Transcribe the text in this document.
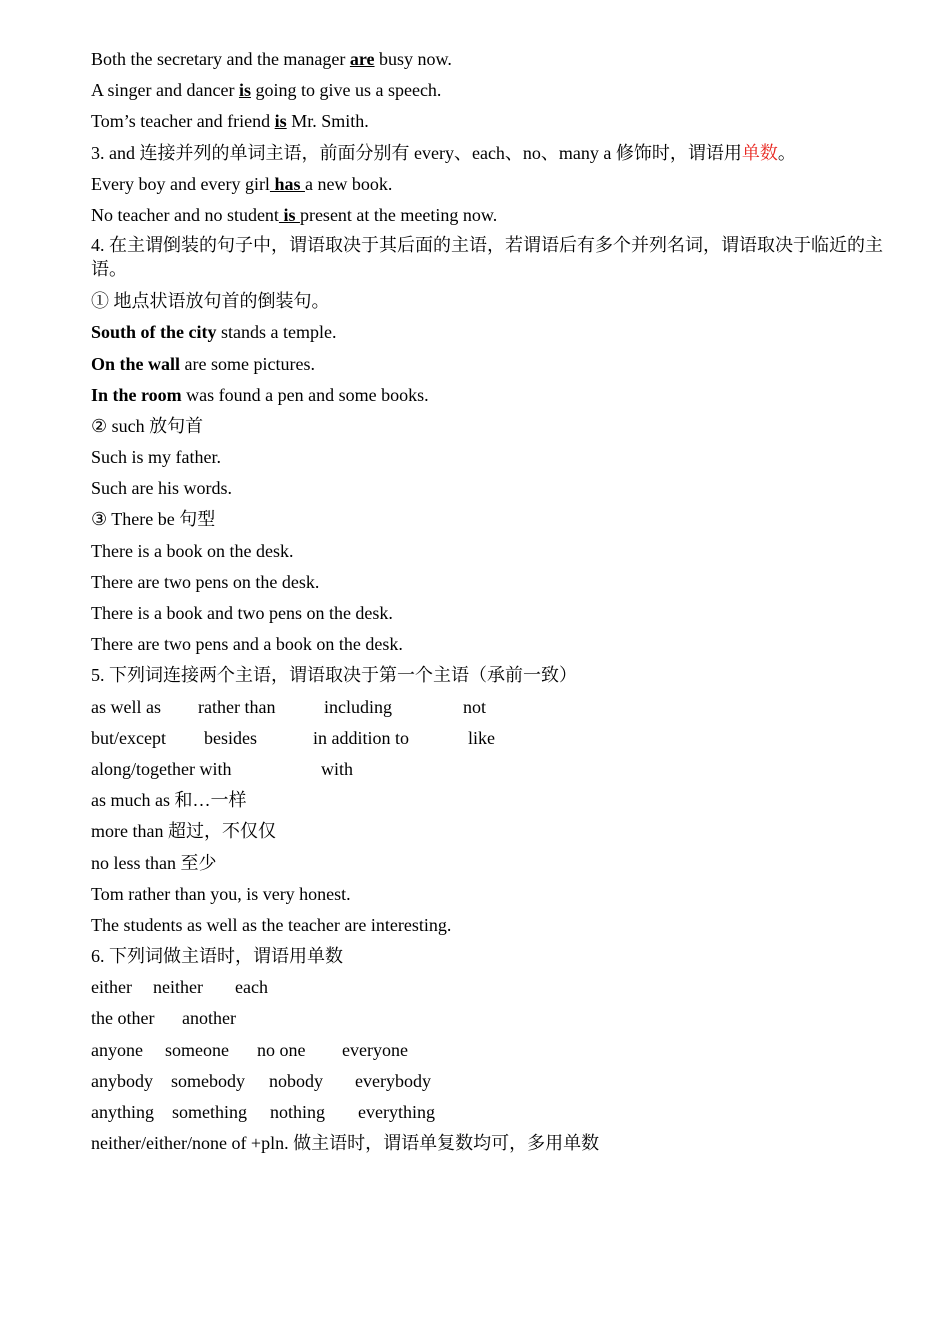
Both the secretary and the manager are busy now.
A singer and dancer is going to give us a speech.
Tom’s teacher and friend is Mr. Smith.
3. and 连接并列的单词主语，前面分别有 every、each、no、many a 修饰时，谓语用单数。
Every boy and every girl has a new book.
No teacher and no student is present at the meeting now.
4. 在主谓倒装的句子中，谓语取决于其后面的主语，若谓语后有多个并列名词，谓语取决于临近的主语。
① 地点状语放句首的倒装句。
South of the city stands a temple.
On the wall are some pictures.
In the room was found a pen and some books.
② such 放句首
Such is my father.
Such are his words.
③ There be 句型
There is a book on the desk.
There are two pens on the desk.
There is a book and two pens on the desk.
There are two pens and a book on the desk.
5. 下列词连接两个主语，谓语取决于第一个主语（承前一致）
as well as rather than	including	not
but/except besides	in addition to	like
along/together with	with
as much as 和…一样
more than 超过，不仅仅
no less than 至少
Tom rather than you, is very honest.
The students as well as the teacher are interesting.
6. 下列词做主语时，谓语用单数
either neither each
the other another
anyone someone no one everyone
anybody somebody nobody everybody
anything something nothing everything
neither/either/none of +pln. 做主语时，谓语单复数均可，多用单数
